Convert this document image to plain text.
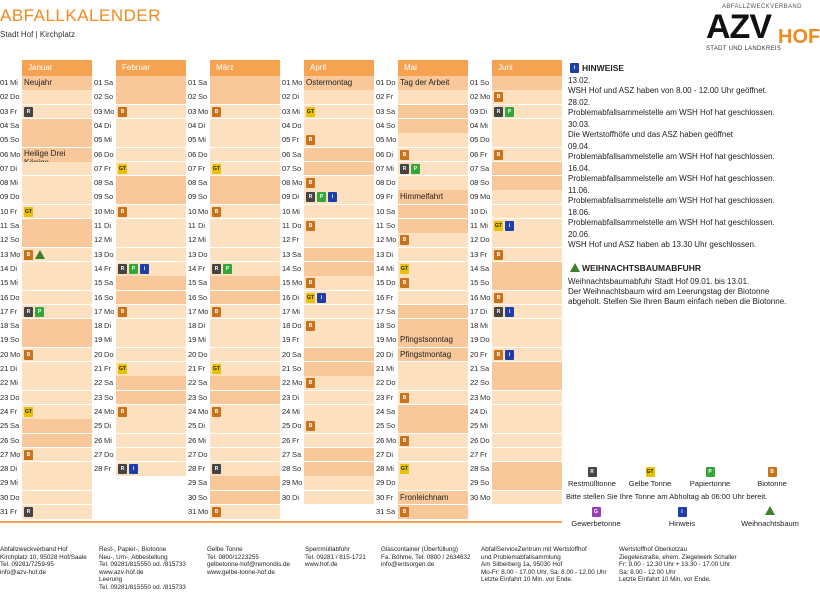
ABFALLKALENDER
Stadt Hof | Kirchplatz
ABFALLZWECKVERBAND
AZV HOF
STADT UND LANDKREIS
Januar
01 Mi Neujahr
02 Do
03 Fr	R
04 Sa
05 So
06 Mo Heilige Drei
07 Di
08 Mi
09 Do
10 Fr	GT
11 Sa
12 So
13 Mo	B
14 Di
15 Mi
16 Do
17 Fr	R	P
18 Sa
19 So
20 Mo	B
21 Di
22 Mi
23 Do
24 Fr	GT
25 Sa
26 So
27 Mo	B
28 Di
29 Mi
30 Do
31 Fr	R
Februar
01 Sa
02 So
03 Mo	B
04 Di
05 Mi
06 Do
07 Fr	GT
08 Sa
09 So
10 Mo	B
11 Di
12 Mi
13 Do
14 Fr	R	P	i
15 Sa
16 So
17 Mo	B
18 Di
19 Mi
20 Do
21 Fr	GT
22 Sa
23 So
24 Mo	B
25 Di
26 Mi
27 Do
28 Fr	R	i
März
01 Sa
02 So
03 Mo	B
04 Di
05 Mi
06 Do
07 Fr	GT
08 Sa
09 So
10 Mo	B
11 Di
12 Mi
13 Do
14 Fr	R	P
15 Sa
16 So
17 Mo	B
18 Di
19 Mi
20 Do
21 Fr	GT
22 Sa
23 So
24 Mo	B
25 Di
26 Mi
27 Do
28 Fr	R
29 Sa
30 So
31 Mo	B
April
01 Mo Ostermontag
02 Di
03 Mi	GT
04 Do
05 Fr	B
06 Sa
07 So
08 Mo	B
09 Di	R	P	i
10 Mi
11 Do	B
12 Fr
13 Sa
14 So
15 Mo	B
16 Di	GT	i
17 Mi
18 Do	B
19 Fr
20 Sa
21 So
22 Mo	B
23 Di
24 Mi
25 Do	B
26 Fr
27 Sa
28 So
29 Mo
30 Di
Mai
01 Do Tag der Arbeit
02 Fr
03 Sa
04 So
05 Mo
06 Di	B
07 Mi	R	P
08 Do
09 Fr Himmelfahrt
10 Sa
11 So
12 Mo	B
13 Di
14 Mi	GT
15 Do	B
16 Fr
17 Sa
18 So
19 Mo Pfingstsonntag
20 Di Pfingstmontag
21 Mi
22 Do
23 Fr	B
24 Sa
25 So
26 Mo	B
27 Di
28 Mi	GT
29 Do
30 Fr Fronleichnam
31 Sa	B
Juni
01 So
02 Mo	B
03 Di	R	P
04 Mi
05 Do
06 Fr	B
07 Sa
08 So
09 Mo
10 Di
11 Mi	GT	i
12 Do
13 Fr	B
14 Sa
15 So
16 Mo	B
17 Di	R	i
18 Mi
19 Do
20 Fr	B	i
21 Sa
22 So
23 Mo
24 Di
25 Mi
26 Do
27 Fr
28 Sa
29 So
30 Mo
i HINWEISE
13.02.
WSH Hof und ASZ haben von 8.00 - 12.00 Uhr geöffnet.
28.02.
Problemabfallsammelstelle am WSH Hof hat geschlossen.
30.03.
Die Wertstoffhöfe und das ASZ haben geöffnet
09.04.
Problemabfallsammelstelle am WSH Hof hat geschlossen.
16.04.
Problemabfallsammelstelle am WSH Hof hat geschlossen.
11.06.
Problemabfallsammelstelle am WSH Hof hat geschlossen.
18.06.
Problemabfallsammelstelle am WSH Hof hat geschlossen.
20.06.
WSH Hof und ASZ haben ab 13.30 Uhr geschlossen.
WEIHNACHTSBAUMABFUHR
Weihnachtsbaumabfuhr Stadt Hof 09.01. bis 13.01.
Der Weihnachtsbaum wird am Leerungstag der Biotonne
abgeholt. Stellen Sie Ihren Baum einfach neben die Biotonne.
R
Restmülltonne
GT
Gelbe Tonne
P
Papiertonne
B
Biotonne
Bitte stellen Sie Ihre Tonne am Abholtag ab 06:00 Uhr bereit.
G
Gewerbetonne
i
Hinweis	Weihnachtsbaum
Abfallzweckverband Hof
Kirchplatz 10, 95028 Hof/Saale
Tel. 09281/7259-95
info@azv-hof.de
Rest-, Papier-, Biotonne
Neu-, Um-, Abbestellung
Tel. 09281/815550 od. /815733
www.azv-hof.de
Leerung
Tel. 09281/815550 od. /815733
Gelbe Tonne
Tel. 0800/1223255
gelbetonne-hof@remondis.de
www.gelbe-tonne-hof.de
Sperrmüllabfuhr
Tel. 09281 / 815-1721
www.hof.de
Glascontainer (Überfüllung)
Fa. Böhme, Tel. 0800 / 2634632
info@entsorgen.de
AbfallServiceZentrum mit Wertstoffhof
und Problemabfallsammlung
Am Silberberg 1a, 95030 Hof
Mo-Fr: 8.00 - 17.00 Uhr, Sa: 8.00 - 12.00 Uhr
Letzte Einfahrt 10 Min. vor Ende.
Wertstoffhof Oberkotzau
Ziegeleistraße, ehem. Ziegelwerk Schaller
Fr: 9.00 - 12.30 Uhr + 13.30 - 17.00 Uhr
Sa: 8.00 - 12.00 Uhr
Letzte Einfahrt 10 Min. vor Ende.
